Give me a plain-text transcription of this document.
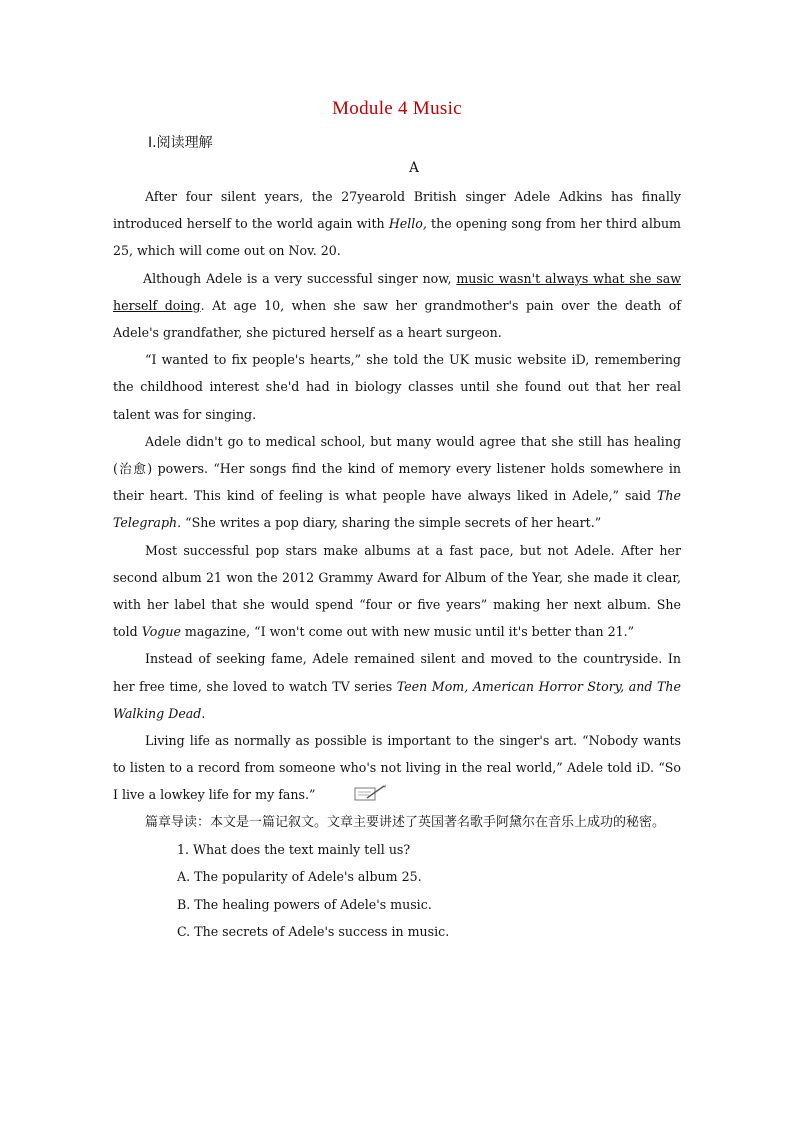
Module 4 Music
Ⅰ.阅读理解
A

After four silent years, the 27yearold British singer Adele Adkins has finally introduced herself to the world again with Hello, the opening song from her third album 25, which will come out on Nov. 20.

Although Adele is a very successful singer now, music wasn't always what she saw herself doing. At age 10, when she saw her grandmother's pain over the death of Adele's grandfather, she pictured herself as a heart surgeon.

“I wanted to fix people's hearts,” she told the UK music website iD, remembering the childhood interest she'd had in biology classes until she found out that her real talent was for singing.

Adele didn't go to medical school, but many would agree that she still has healing (治愈) powers. “Her songs find the kind of memory every listener holds somewhere in their heart. This kind of feeling is what people have always liked in Adele,” said The Telegraph. “She writes a pop diary, sharing the simple secrets of her heart.”

Most successful pop stars make albums at a fast pace, but not Adele. After her second album 21 won the 2012 Grammy Award for Album of the Year, she made it clear, with her label that she would spend “four or five years” making her next album. She told Vogue magazine, “I won't come out with new music until it's better than 21.”

Instead of seeking fame, Adele remained silent and moved to the countryside. In her free time, she loved to watch TV series Teen Mom, American Horror Story, and The Walking Dead.

Living life as normally as possible is important to the singer's art. “Nobody wants to listen to a record from someone who's not living in the real world,” Adele told iD. “So I live a lowkey life for my fans.”

篇章导读：本文是一篇记叙文。文章主要讲述了英国著名歌手阿黛尔在音乐上成功的秘密。

1. What does the text mainly tell us?

A. The popularity of Adele's album 25.

B. The healing powers of Adele's music.

C. The secrets of Adele's success in music.
